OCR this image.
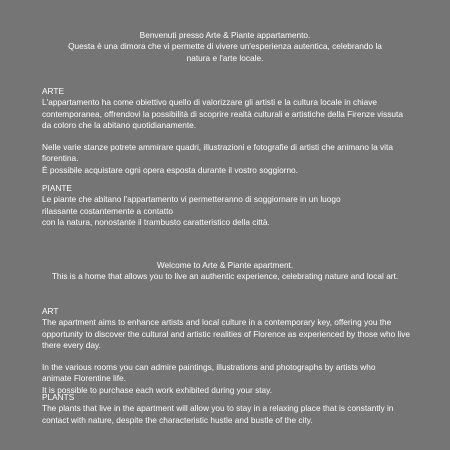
Benvenuti presso Arte & Piante appartamento.
Questa è una dimora che vi permette di vivere un'esperienza autentica, celebrando la natura e l'arte locale.
ARTE
L'appartamento ha come obiettivo quello di valorizzare gli artisti e la cultura locale in chiave contemporanea, offrendovi la possibilità di scoprire realtà culturali e artistiche della Firenze vissuta da coloro che la abitano quotidianamente.
Nelle varie stanze potrete ammirare quadri, illustrazioni e fotografie di artisti che animano la vita fiorentina.
È possibile acquistare ogni opera esposta durante il vostro soggiorno.
PIANTE
Le piante che abitano l'appartamento vi permetteranno di soggiornare in un luogo rilassante costantemente a contatto
con la natura, nonostante il trambusto caratteristico della città.
Welcome to Arte & Piante apartment.
This is a home that allows you to live an authentic experience, celebrating nature and local art.
ART
The apartment aims to enhance artists and local culture in a contemporary key, offering you the opportunity to discover the cultural and artistic realities of Florence as experienced by those who live there every day.
In the various rooms you can admire paintings, illustrations and photographs by artists who animate Florentine life.
It is possible to purchase each work exhibited during your stay.
PLANTS
The plants that live in the apartment will allow you to stay in a relaxing place that is constantly in contact with nature, despite the characteristic hustle and bustle of the city.
